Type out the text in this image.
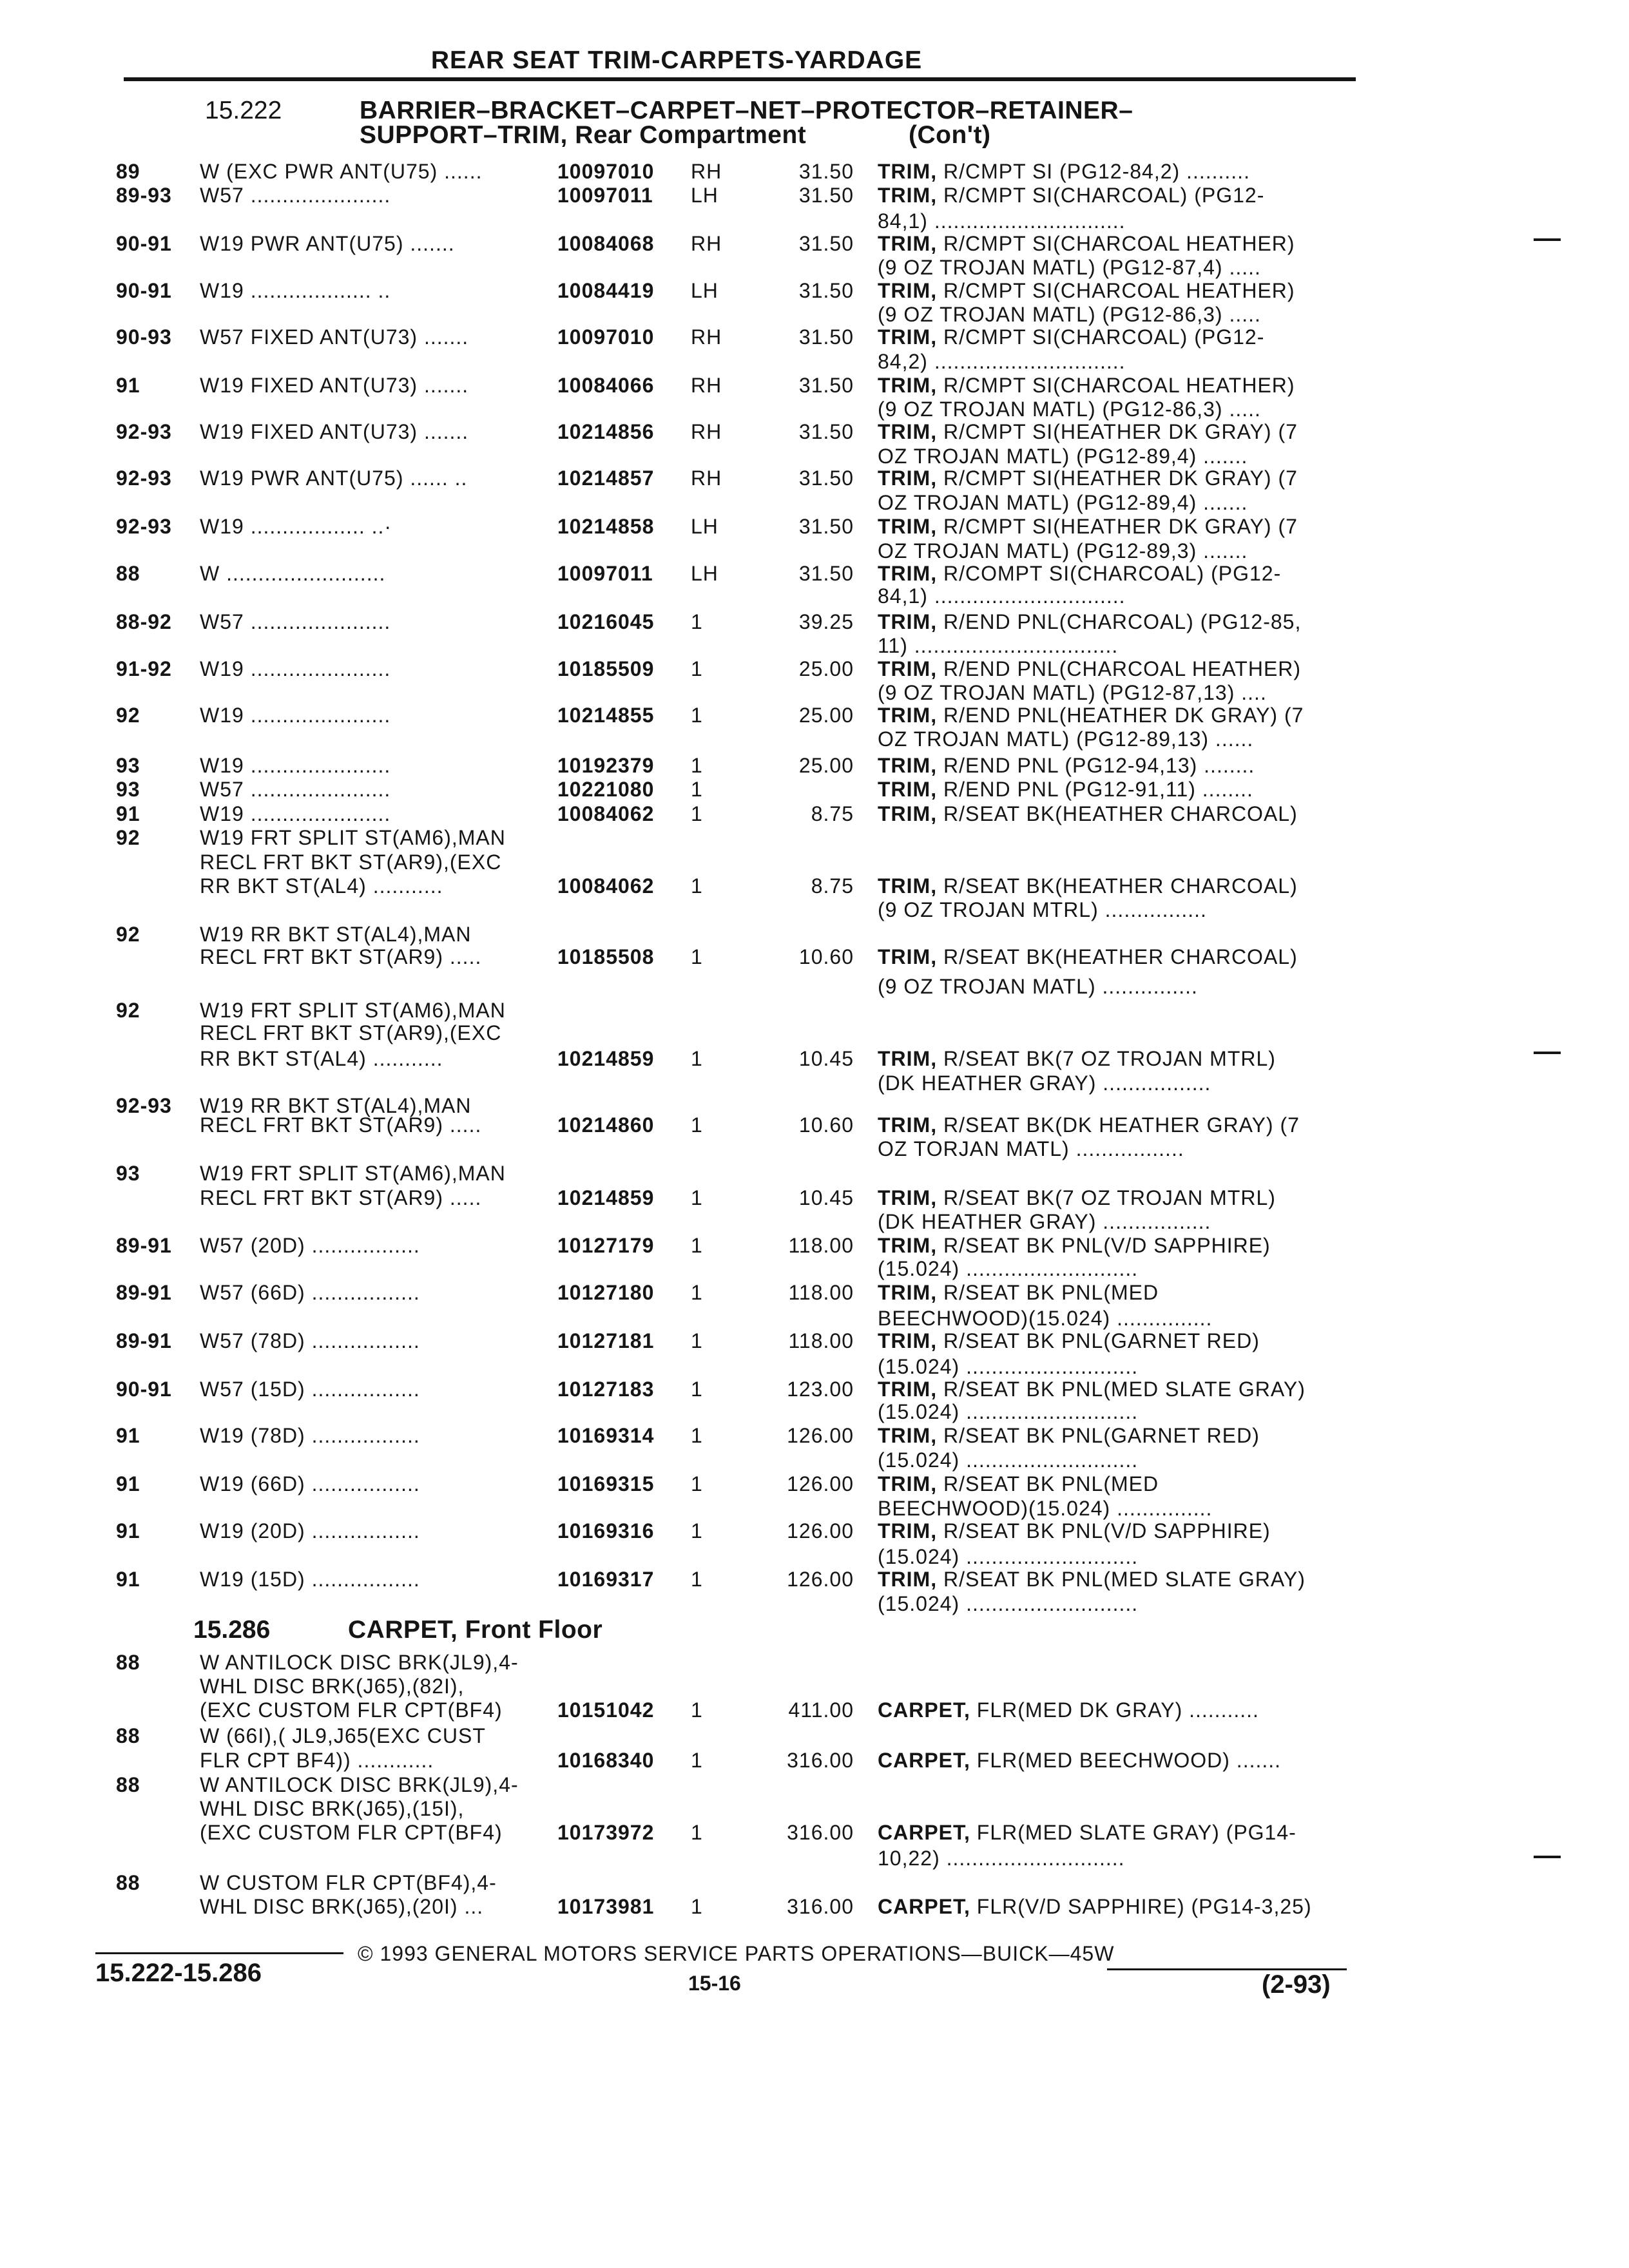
REAR SEAT TRIM-CARPETS-YARDAGE
15.222	BARRIER–BRACKET–CARPET–NET–PROTECTOR–RETAINER–
SUPPORT–TRIM, Rear Compartment	(Con't)
89	W (EXC PWR ANT(U75) ......	10097010 RH	31.50 TRIM, R/CMPT SI (PG12-84,2) ..........
89-93 W57 ......................	10097011 LH	31.50 TRIM, R/CMPT SI(CHARCOAL) (PG12-
84,1) ..............................
90-91 W19 PWR ANT(U75) .......	10084068 RH	31.50 TRIM, R/CMPT SI(CHARCOAL HEATHER)
(9 OZ TROJAN MATL) (PG12-87,4) .....
90-91 W19 ................... ..	10084419 LH	31.50 TRIM, R/CMPT SI(CHARCOAL HEATHER)
(9 OZ TROJAN MATL) (PG12-86,3) .....
90-93 W57 FIXED ANT(U73) .......	10097010 RH	31.50 TRIM, R/CMPT SI(CHARCOAL) (PG12-
84,2) ..............................
91	W19 FIXED ANT(U73) .......	10084066 RH	31.50 TRIM, R/CMPT SI(CHARCOAL HEATHER)
(9 OZ TROJAN MATL) (PG12-86,3) .....
92-93 W19 FIXED ANT(U73) .......	10214856 RH	31.50 TRIM, R/CMPT SI(HEATHER DK GRAY) (7
OZ TROJAN MATL) (PG12-89,4) .......
92-93 W19 PWR ANT(U75) ...... ..	10214857 RH	31.50 TRIM, R/CMPT SI(HEATHER DK GRAY) (7
OZ TROJAN MATL) (PG12-89,4) .......
92-93 W19 .................. ..·	10214858 LH	31.50 TRIM, R/CMPT SI(HEATHER DK GRAY) (7
OZ TROJAN MATL) (PG12-89,3) .......
88	W .........................	10097011 LH	31.50 TRIM, R/COMPT SI(CHARCOAL) (PG12-
84,1) ..............................
88-92 W57 ......................	10216045 1	39.25 TRIM, R/END PNL(CHARCOAL) (PG12-85,
11) ................................
91-92 W19 ......................	10185509 1	25.00 TRIM, R/END PNL(CHARCOAL HEATHER)
(9 OZ TROJAN MATL) (PG12-87,13) ....
92	W19 ......................	10214855 1	25.00 TRIM, R/END PNL(HEATHER DK GRAY) (7
OZ TROJAN MATL) (PG12-89,13) ......
93	W19 ......................	10192379 1	25.00 TRIM, R/END PNL (PG12-94,13) ........
93	W57 ......................	10221080 1	TRIM, R/END PNL (PG12-91,11) ........
91	W19 ......................	10084062 1	8.75 TRIM, R/SEAT BK(HEATHER CHARCOAL)
92	W19 FRT SPLIT ST(AM6),MAN
RECL FRT BKT ST(AR9),(EXC
RR BKT ST(AL4) ...........	10084062 1	8.75 TRIM, R/SEAT BK(HEATHER CHARCOAL)
(9 OZ TROJAN MTRL) ................
92	W19 RR BKT ST(AL4),MAN
RECL FRT BKT ST(AR9) .....	10185508 1	10.60 TRIM, R/SEAT BK(HEATHER CHARCOAL)
(9 OZ TROJAN MATL) ...............
92	W19 FRT SPLIT ST(AM6),MAN
RECL FRT BKT ST(AR9),(EXC
RR BKT ST(AL4) ...........	10214859 1	10.45 TRIM, R/SEAT BK(7 OZ TROJAN MTRL)
(DK HEATHER GRAY) .................
92-93 W19 RR BKT ST(AL4),MAN
RECL FRT BKT ST(AR9) .....	10214860 1	10.60 TRIM, R/SEAT BK(DK HEATHER GRAY) (7
OZ TORJAN MATL) .................
93	W19 FRT SPLIT ST(AM6),MAN
RECL FRT BKT ST(AR9) .....	10214859 1	10.45 TRIM, R/SEAT BK(7 OZ TROJAN MTRL)
(DK HEATHER GRAY) .................
89-91 W57 (20D) .................	10127179 1	118.00 TRIM, R/SEAT BK PNL(V/D SAPPHIRE)
(15.024) ...........................
89-91 W57 (66D) .................	10127180 1	118.00 TRIM, R/SEAT BK PNL(MED
BEECHWOOD)(15.024) ...............
89-91 W57 (78D) .................	10127181 1	118.00 TRIM, R/SEAT BK PNL(GARNET RED)
(15.024) ...........................
90-91 W57 (15D) .................	10127183 1	123.00 TRIM, R/SEAT BK PNL(MED SLATE GRAY)
(15.024) ...........................
91	W19 (78D) .................	10169314 1	126.00 TRIM, R/SEAT BK PNL(GARNET RED)
(15.024) ...........................
91	W19 (66D) .................	10169315 1	126.00 TRIM, R/SEAT BK PNL(MED
BEECHWOOD)(15.024) ...............
91	W19 (20D) .................	10169316 1	126.00 TRIM, R/SEAT BK PNL(V/D SAPPHIRE)
(15.024) ...........................
91	W19 (15D) .................	10169317 1	126.00 TRIM, R/SEAT BK PNL(MED SLATE GRAY)
(15.024) ...........................
15.286	CARPET, Front Floor
88	W ANTILOCK DISC BRK(JL9),4-
WHL DISC BRK(J65),(82I),
(EXC CUSTOM FLR CPT(BF4)	10151042 1	411.00 CARPET, FLR(MED DK GRAY) ...........
88	W (66I),( JL9,J65(EXC CUST
FLR CPT BF4)) ............	10168340 1	316.00 CARPET, FLR(MED BEECHWOOD) .......
88	W ANTILOCK DISC BRK(JL9),4-
WHL DISC BRK(J65),(15I),
(EXC CUSTOM FLR CPT(BF4)	10173972 1	316.00 CARPET, FLR(MED SLATE GRAY) (PG14-
10,22) ............................
88	W CUSTOM FLR CPT(BF4),4-
WHL DISC BRK(J65),(20I) ...	10173981 1	316.00 CARPET, FLR(V/D SAPPHIRE) (PG14-3,25)
© 1993 GENERAL MOTORS SERVICE PARTS OPERATIONS—BUICK—45W
15.222-15.286	15-16	(2-93)
